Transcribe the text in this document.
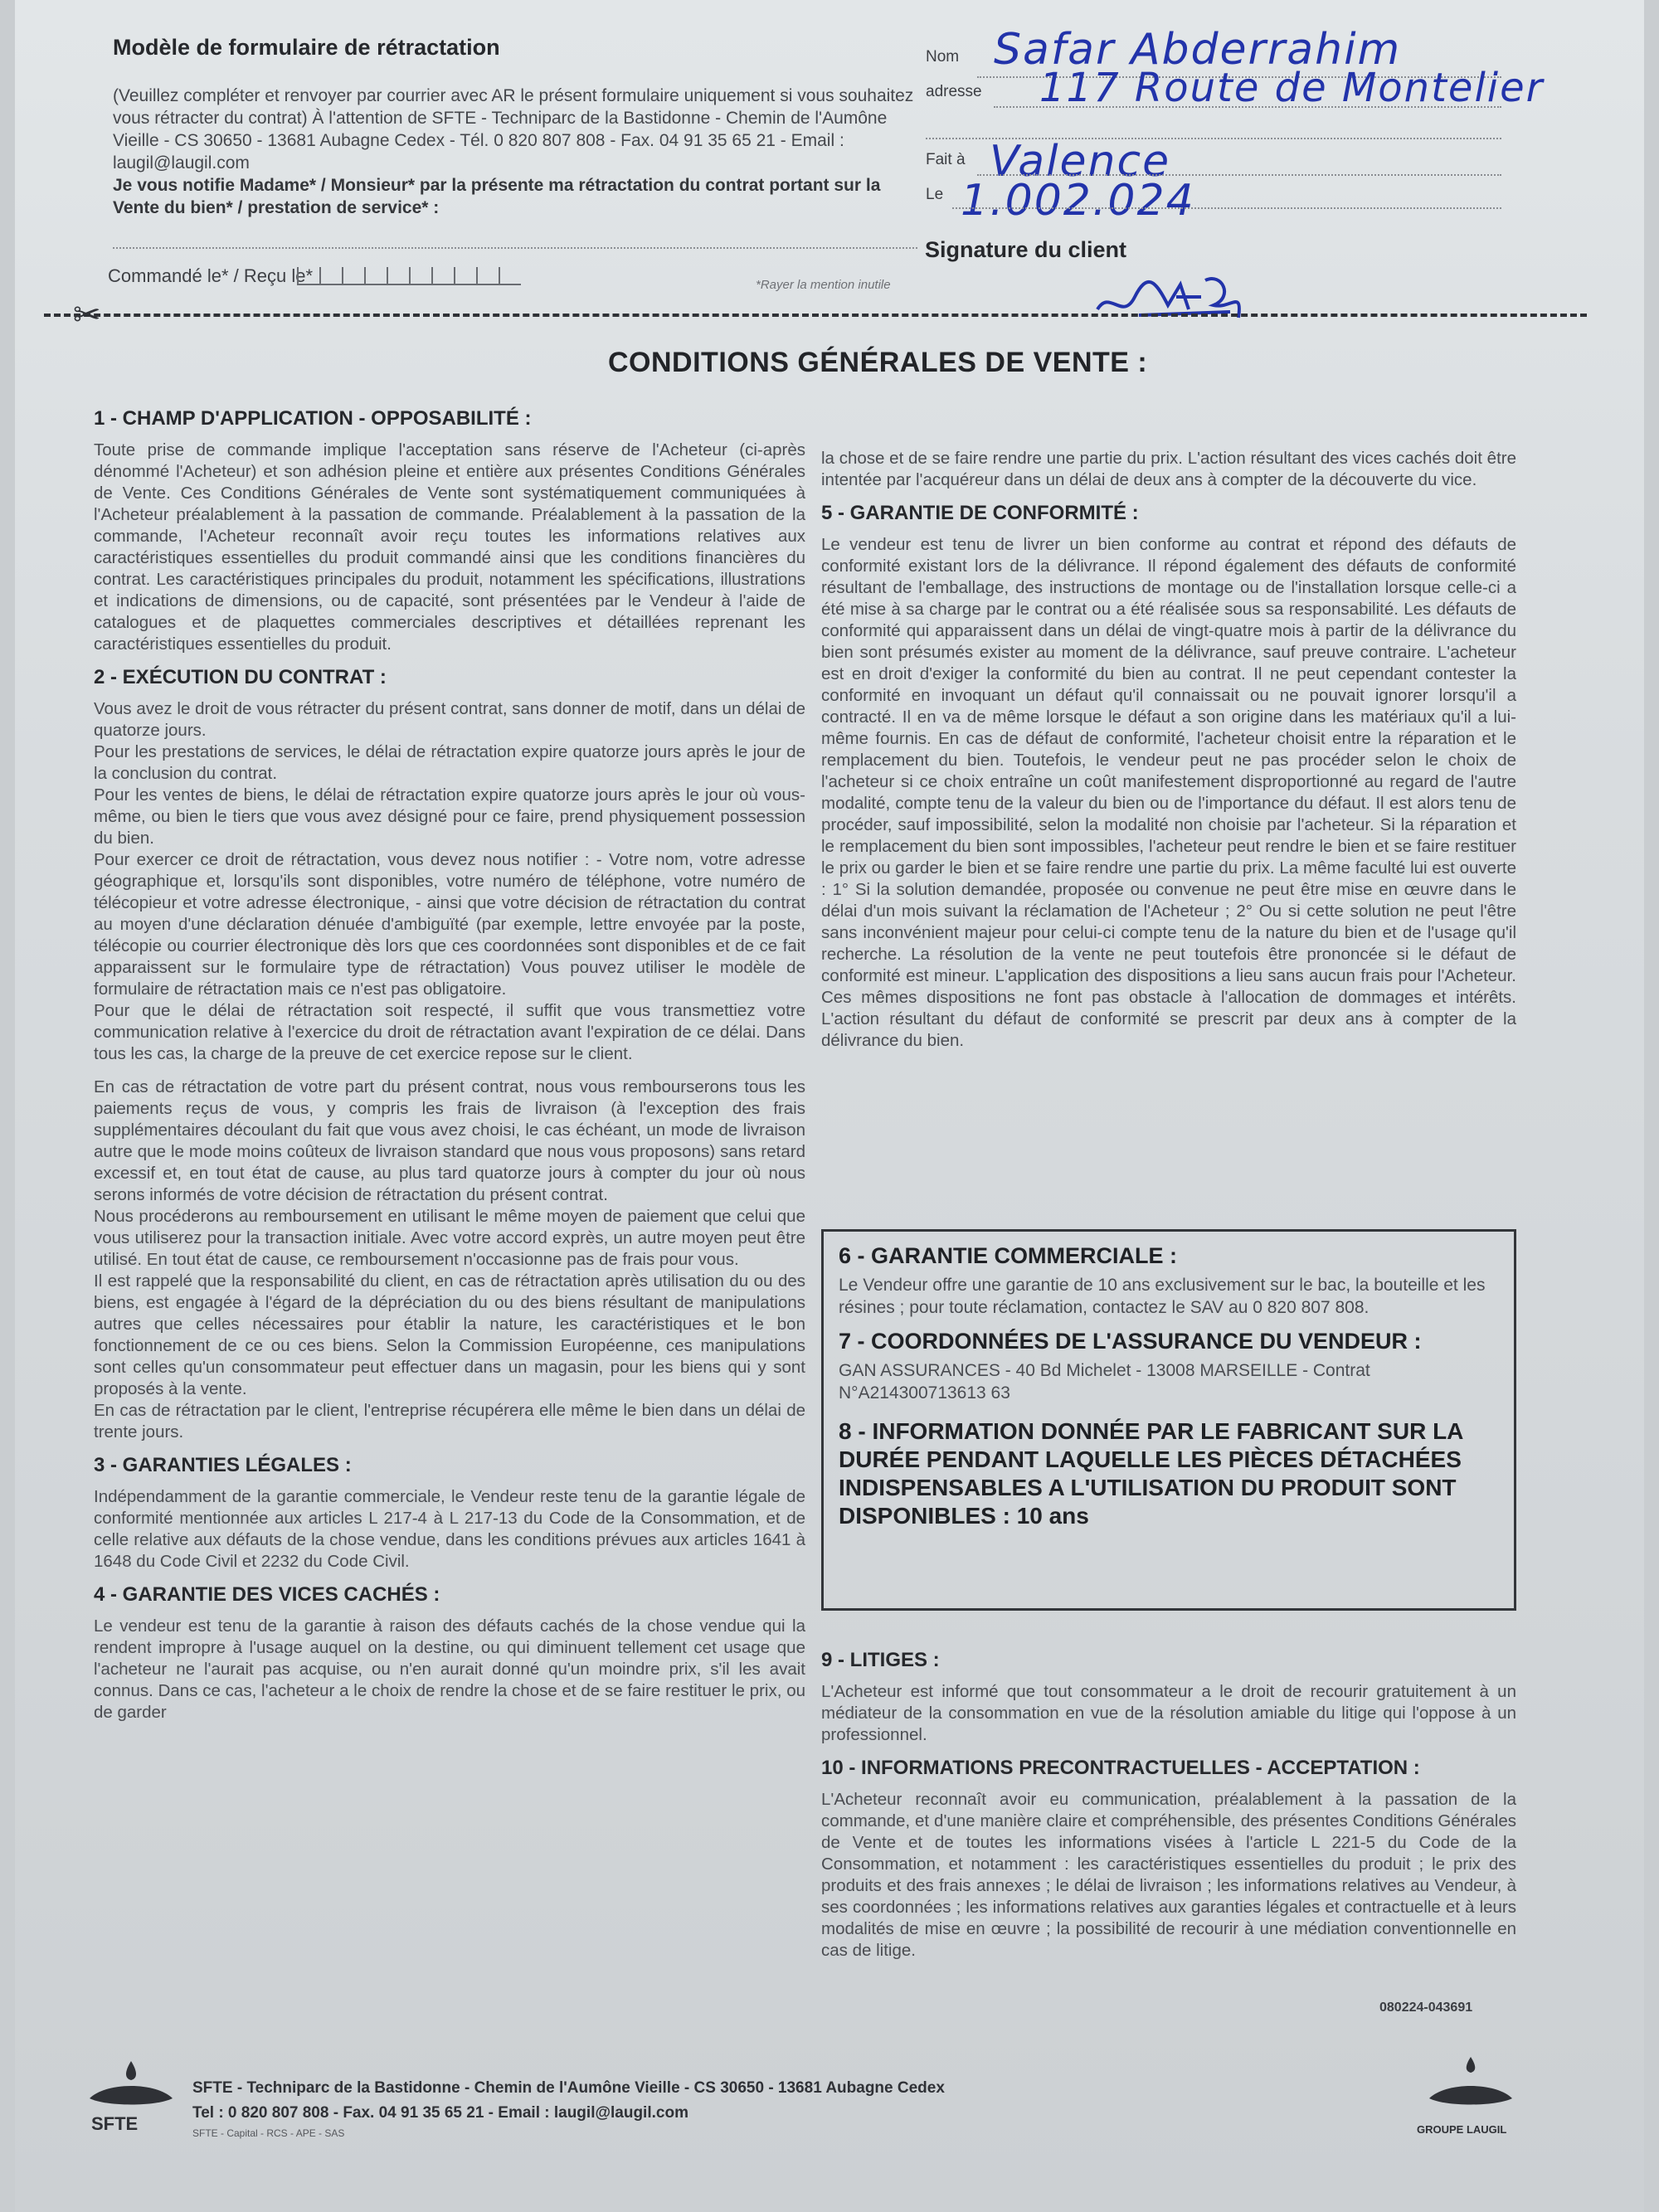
Modèle de formulaire de rétractation

(Veuillez compléter et renvoyer par courrier avec AR le présent formulaire uniquement si vous souhaitez vous rétracter du contrat) À l'attention de SFTE - Techniparc de la Bastidonne - Chemin de l'Aumône Vieille - CS 30650 - 13681 Aubagne Cedex - Tél. 0 820 807 808 - Fax. 04 91 35 65 21 - Email : laugil@laugil.com

Je vous notifie Madame* / Monsieur* par la présente ma rétractation du contrat portant sur la Vente du bien* / prestation de service* :

Commandé le* / Reçu le*	*Rayer la mention inutile
Nom Safar Abderrahim
adresse 117 Route de Montelier
Fait à Valence
Le 1.002.024
Signature du client
✂
CONDITIONS GÉNÉRALES DE VENTE :
1 - CHAMP D'APPLICATION - OPPOSABILITÉ :

Toute prise de commande implique l'acceptation sans réserve de l'Acheteur (ci-après dénommé l'Acheteur) et son adhésion pleine et entière aux présentes Conditions Générales de Vente. Ces Conditions Générales de Vente sont systématiquement communiquées à l'Acheteur préalablement à la passation de commande. Préalablement à la passation de la commande, l'Acheteur reconnaît avoir reçu toutes les informations relatives aux caractéristiques essentielles du produit commandé ainsi que les conditions financières du contrat. Les caractéristiques principales du produit, notamment les spécifications, illustrations et indications de dimensions, ou de capacité, sont présentées par le Vendeur à l'aide de catalogues et de plaquettes commerciales descriptives et détaillées reprenant les caractéristiques essentielles du produit.

2 - EXÉCUTION DU CONTRAT :

Vous avez le droit de vous rétracter du présent contrat, sans donner de motif, dans un délai de quatorze jours.

Pour les prestations de services, le délai de rétractation expire quatorze jours après le jour de la conclusion du contrat.

Pour les ventes de biens, le délai de rétractation expire quatorze jours après le jour où vous-même, ou bien le tiers que vous avez désigné pour ce faire, prend physiquement possession du bien.

Pour exercer ce droit de rétractation, vous devez nous notifier : - Votre nom, votre adresse géographique et, lorsqu'ils sont disponibles, votre numéro de téléphone, votre numéro de télécopieur et votre adresse électronique, - ainsi que votre décision de rétractation du contrat au moyen d'une déclaration dénuée d'ambiguïté (par exemple, lettre envoyée par la poste, télécopie ou courrier électronique dès lors que ces coordonnées sont disponibles et de ce fait apparaissent sur le formulaire type de rétractation) Vous pouvez utiliser le modèle de formulaire de rétractation mais ce n'est pas obligatoire.

Pour que le délai de rétractation soit respecté, il suffit que vous transmettiez votre communication relative à l'exercice du droit de rétractation avant l'expiration de ce délai. Dans tous les cas, la charge de la preuve de cet exercice repose sur le client.

En cas de rétractation de votre part du présent contrat, nous vous rembourserons tous les paiements reçus de vous, y compris les frais de livraison (à l'exception des frais supplémentaires découlant du fait que vous avez choisi, le cas échéant, un mode de livraison autre que le mode moins coûteux de livraison standard que nous vous proposons) sans retard excessif et, en tout état de cause, au plus tard quatorze jours à compter du jour où nous serons informés de votre décision de rétractation du présent contrat.

Nous procéderons au remboursement en utilisant le même moyen de paiement que celui que vous utiliserez pour la transaction initiale. Avec votre accord exprès, un autre moyen peut être utilisé. En tout état de cause, ce remboursement n'occasionne pas de frais pour vous.

Il est rappelé que la responsabilité du client, en cas de rétractation après utilisation du ou des biens, est engagée à l'égard de la dépréciation du ou des biens résultant de manipulations autres que celles nécessaires pour établir la nature, les caractéristiques et le bon fonctionnement de ce ou ces biens. Selon la Commission Européenne, ces manipulations sont celles qu'un consommateur peut effectuer dans un magasin, pour les biens qui y sont proposés à la vente.

En cas de rétractation par le client, l'entreprise récupérera elle même le bien dans un délai de trente jours.

3 - GARANTIES LÉGALES :

Indépendamment de la garantie commerciale, le Vendeur reste tenu de la garantie légale de conformité mentionnée aux articles L 217-4 à L 217-13 du Code de la Consommation, et de celle relative aux défauts de la chose vendue, dans les conditions prévues aux articles 1641 à 1648 du Code Civil et 2232 du Code Civil.

4 - GARANTIE DES VICES CACHÉS :

Le vendeur est tenu de la garantie à raison des défauts cachés de la chose vendue qui la rendent impropre à l'usage auquel on la destine, ou qui diminuent tellement cet usage que l'acheteur ne l'aurait pas acquise, ou n'en aurait donné qu'un moindre prix, s'il les avait connus. Dans ce cas, l'acheteur a le choix de rendre la chose et de se faire restituer le prix, ou de garder

la chose et de se faire rendre une partie du prix. L'action résultant des vices cachés doit être intentée par l'acquéreur dans un délai de deux ans à compter de la découverte du vice.

5 - GARANTIE DE CONFORMITÉ :

Le vendeur est tenu de livrer un bien conforme au contrat et répond des défauts de conformité existant lors de la délivrance. Il répond également des défauts de conformité résultant de l'emballage, des instructions de montage ou de l'installation lorsque celle-ci a été mise à sa charge par le contrat ou a été réalisée sous sa responsabilité. Les défauts de conformité qui apparaissent dans un délai de vingt-quatre mois à partir de la délivrance du bien sont présumés exister au moment de la délivrance, sauf preuve contraire. L'acheteur est en droit d'exiger la conformité du bien au contrat. Il ne peut cependant contester la conformité en invoquant un défaut qu'il connaissait ou ne pouvait ignorer lorsqu'il a contracté. Il en va de même lorsque le défaut a son origine dans les matériaux qu'il a lui-même fournis. En cas de défaut de conformité, l'acheteur choisit entre la réparation et le remplacement du bien. Toutefois, le vendeur peut ne pas procéder selon le choix de l'acheteur si ce choix entraîne un coût manifestement disproportionné au regard de l'autre modalité, compte tenu de la valeur du bien ou de l'importance du défaut. Il est alors tenu de procéder, sauf impossibilité, selon la modalité non choisie par l'acheteur. Si la réparation et le remplacement du bien sont impossibles, l'acheteur peut rendre le bien et se faire restituer le prix ou garder le bien et se faire rendre une partie du prix. La même faculté lui est ouverte : 1° Si la solution demandée, proposée ou convenue ne peut être mise en œuvre dans le délai d'un mois suivant la réclamation de l'Acheteur ; 2° Ou si cette solution ne peut l'être sans inconvénient majeur pour celui-ci compte tenu de la nature du bien et de l'usage qu'il recherche. La résolution de la vente ne peut toutefois être prononcée si le défaut de conformité est mineur. L'application des dispositions a lieu sans aucun frais pour l'Acheteur. Ces mêmes dispositions ne font pas obstacle à l'allocation de dommages et intérêts. L'action résultant du défaut de conformité se prescrit par deux ans à compter de la délivrance du bien.

6 - GARANTIE COMMERCIALE :

Le Vendeur offre une garantie de 10 ans exclusivement sur le bac, la bouteille et les résines ; pour toute réclamation, contactez le SAV au 0 820 807 808.

7 - COORDONNÉES DE L'ASSURANCE DU VENDEUR :

GAN ASSURANCES - 40 Bd Michelet - 13008 MARSEILLE - Contrat N°A214300713613 63

8 - INFORMATION DONNÉE PAR LE FABRICANT SUR LA DURÉE PENDANT LAQUELLE LES PIÈCES DÉTACHÉES INDISPENSABLES A L'UTILISATION DU PRODUIT SONT DISPONIBLES : 10 ans
9 - LITIGES :

L'Acheteur est informé que tout consommateur a le droit de recourir gratuitement à un médiateur de la consommation en vue de la résolution amiable du litige qui l'oppose à un professionnel.

10 - INFORMATIONS PRECONTRACTUELLES - ACCEPTATION :

L'Acheteur reconnaît avoir eu communication, préalablement à la passation de la commande, et d'une manière claire et compréhensible, des présentes Conditions Générales de Vente et de toutes les informations visées à l'article L 221-5 du Code de la Consommation, et notamment : les caractéristiques essentielles du produit ; le prix des produits et des frais annexes ; le délai de livraison ; les informations relatives au Vendeur, à ses coordonnées ; les informations relatives aux garanties légales et contractuelle et à leurs modalités de mise en œuvre ; la possibilité de recourir à une médiation conventionnelle en cas de litige.

080224-043691
SFTE
SFTE - Techniparc de la Bastidonne - Chemin de l'Aumône Vieille - CS 30650 - 13681 Aubagne Cedex
Tel : 0 820 807 808 - Fax. 04 91 35 65 21 - Email : laugil@laugil.com
SFTE - Capital - RCS - APE - SAS	GROUPE LAUGIL
